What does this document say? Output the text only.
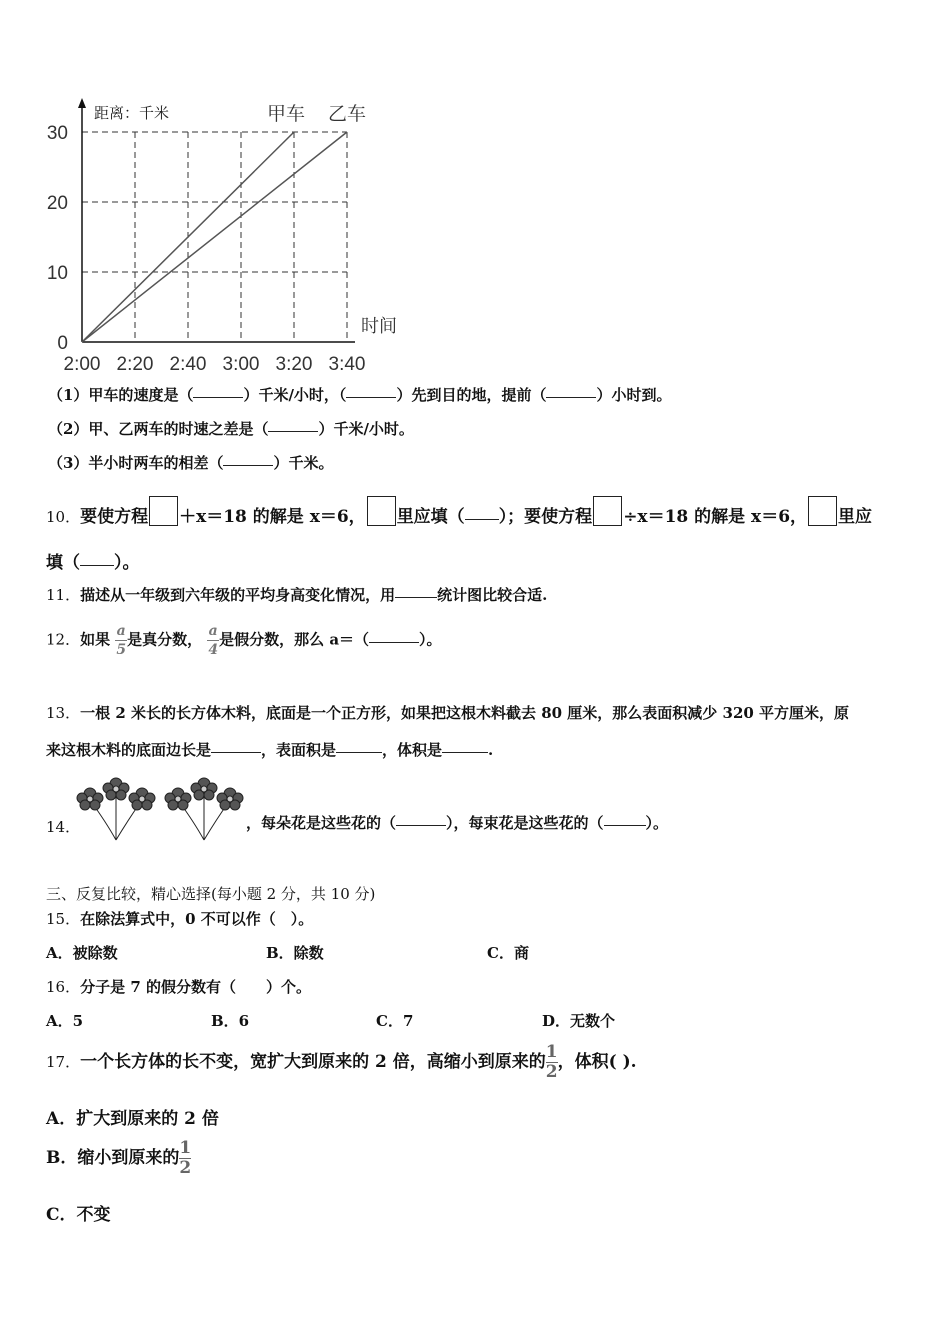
0
10
20
30
2:00 2:20 2:40 3:00 3:20 3:40
距离：千米
时间
甲车 乙车
（1）甲车的速度是（	）千米/小时，（	）先到目的地，提前（	）小时到。
（2）甲、乙两车的时速之差是（	）千米/小时。
（3）半小时两车的相差（	）千米。
10．要使方程 ＋x＝18 的解是 x＝6， 里应填（ ）；要使方程 ÷x＝18 的解是 x＝6， 里应
填（ ）。
11．描述从一年级到六年级的平均身高变化情况，用	统计图比较合适.
12．如果 $\frac{a}{5}$ 是真分数， $\frac{a}{4}$ 是假分数，那么 a＝（	）。
13．一根 2 米长的长方体木料，底面是一个正方形，如果把这根木料截去 80 厘米，那么表面积减少 320 平方厘米，原
来这根木料的底面边长是	，表面积是	，体积是	.
14．	，每朵花是这些花的（	），每束花是这些花的（	）。
三、反复比较，精心选择(每小题 2 分，共 10 分)
15．在除法算式中，0 不可以作（　）。
A．被除数	B．除数	C．商
16．分子是 7 的假分数有（　　）个。
A．5	B．6	C．7	D．无数个
17．一个长方体的长不变，宽扩大到原来的 2 倍，高缩小到原来的 $\frac{1}{2}$ ，体积( ).
A．扩大到原来的 2 倍
B．缩小到原来的 $\frac{1}{2}$
C．不变
